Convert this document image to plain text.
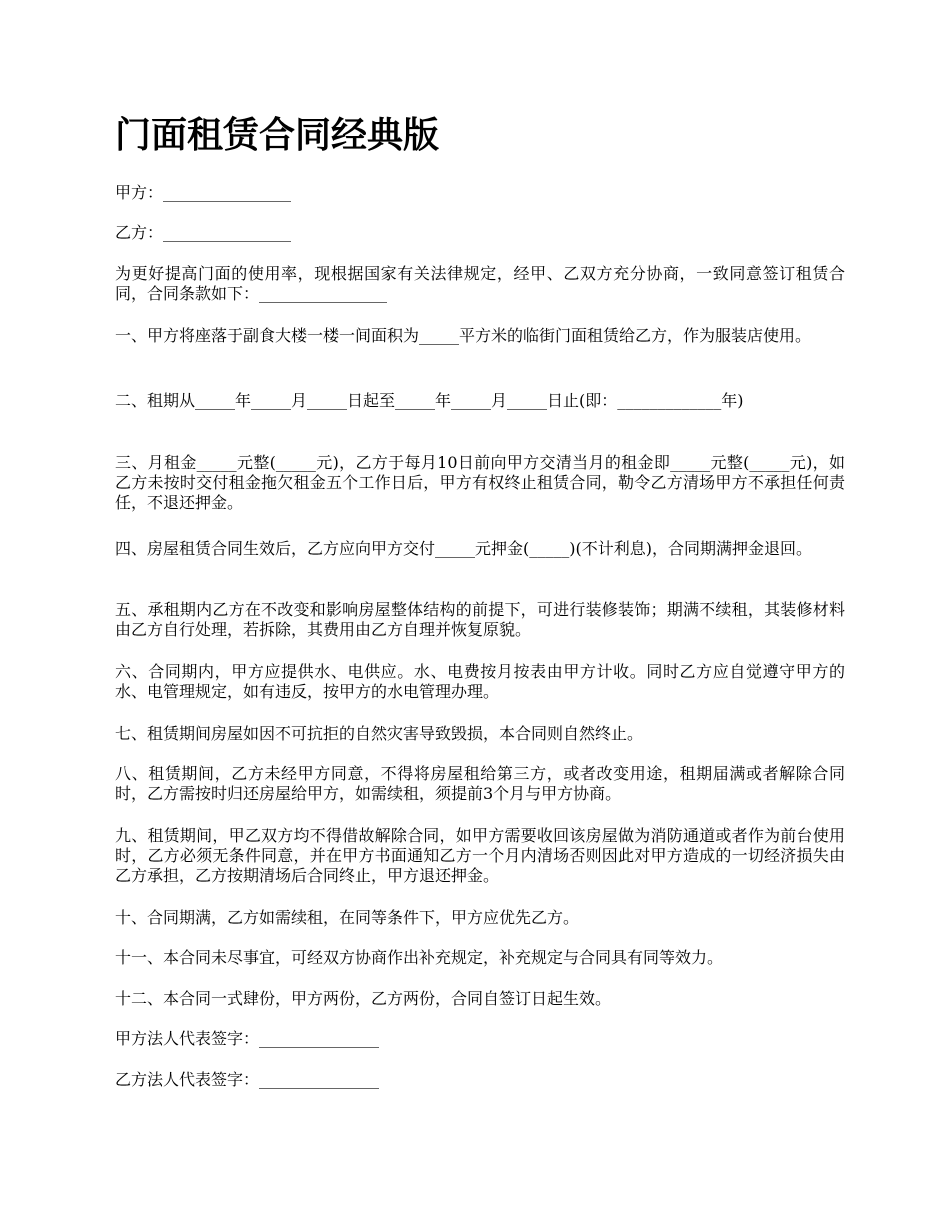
门面租赁合同经典版

甲方：________________

乙方：________________

为更好提高门面的使用率，现根据国家有关法律规定，经甲、乙双方充分协商，一致同意签订租赁合同，合同条款如下：________________

一、甲方将座落于副食大楼一楼一间面积为_____平方米的临街门面租赁给乙方，作为服装店使用。

二、租期从_____年_____月_____日起至_____年_____月_____日止(即：_____________年)

三、月租金_____元整(_____元)，乙方于每月10日前向甲方交清当月的租金即_____元整(_____元)，如乙方未按时交付租金拖欠租金五个工作日后，甲方有权终止租赁合同，勒令乙方清场甲方不承担任何责任，不退还押金。

四、房屋租赁合同生效后，乙方应向甲方交付_____元押金(_____)(不计利息)，合同期满押金退回。

五、承租期内乙方在不改变和影响房屋整体结构的前提下，可进行装修装饰；期满不续租，其装修材料由乙方自行处理，若拆除，其费用由乙方自理并恢复原貌。

六、合同期内，甲方应提供水、电供应。水、电费按月按表由甲方计收。同时乙方应自觉遵守甲方的水、电管理规定，如有违反，按甲方的水电管理办理。

七、租赁期间房屋如因不可抗拒的自然灾害导致毁损，本合同则自然终止。

八、租赁期间，乙方未经甲方同意，不得将房屋租给第三方，或者改变用途，租期届满或者解除合同时，乙方需按时归还房屋给甲方，如需续租，须提前3个月与甲方协商。

九、租赁期间，甲乙双方均不得借故解除合同，如甲方需要收回该房屋做为消防通道或者作为前台使用时，乙方必须无条件同意，并在甲方书面通知乙方一个月内清场否则因此对甲方造成的一切经济损失由乙方承担，乙方按期清场后合同终止，甲方退还押金。

十、合同期满，乙方如需续租，在同等条件下，甲方应优先乙方。

十一、本合同未尽事宜，可经双方协商作出补充规定，补充规定与合同具有同等效力。

十二、本合同一式肆份，甲方两份，乙方两份，合同自签订日起生效。

甲方法人代表签字：_______________

乙方法人代表签字：_______________
